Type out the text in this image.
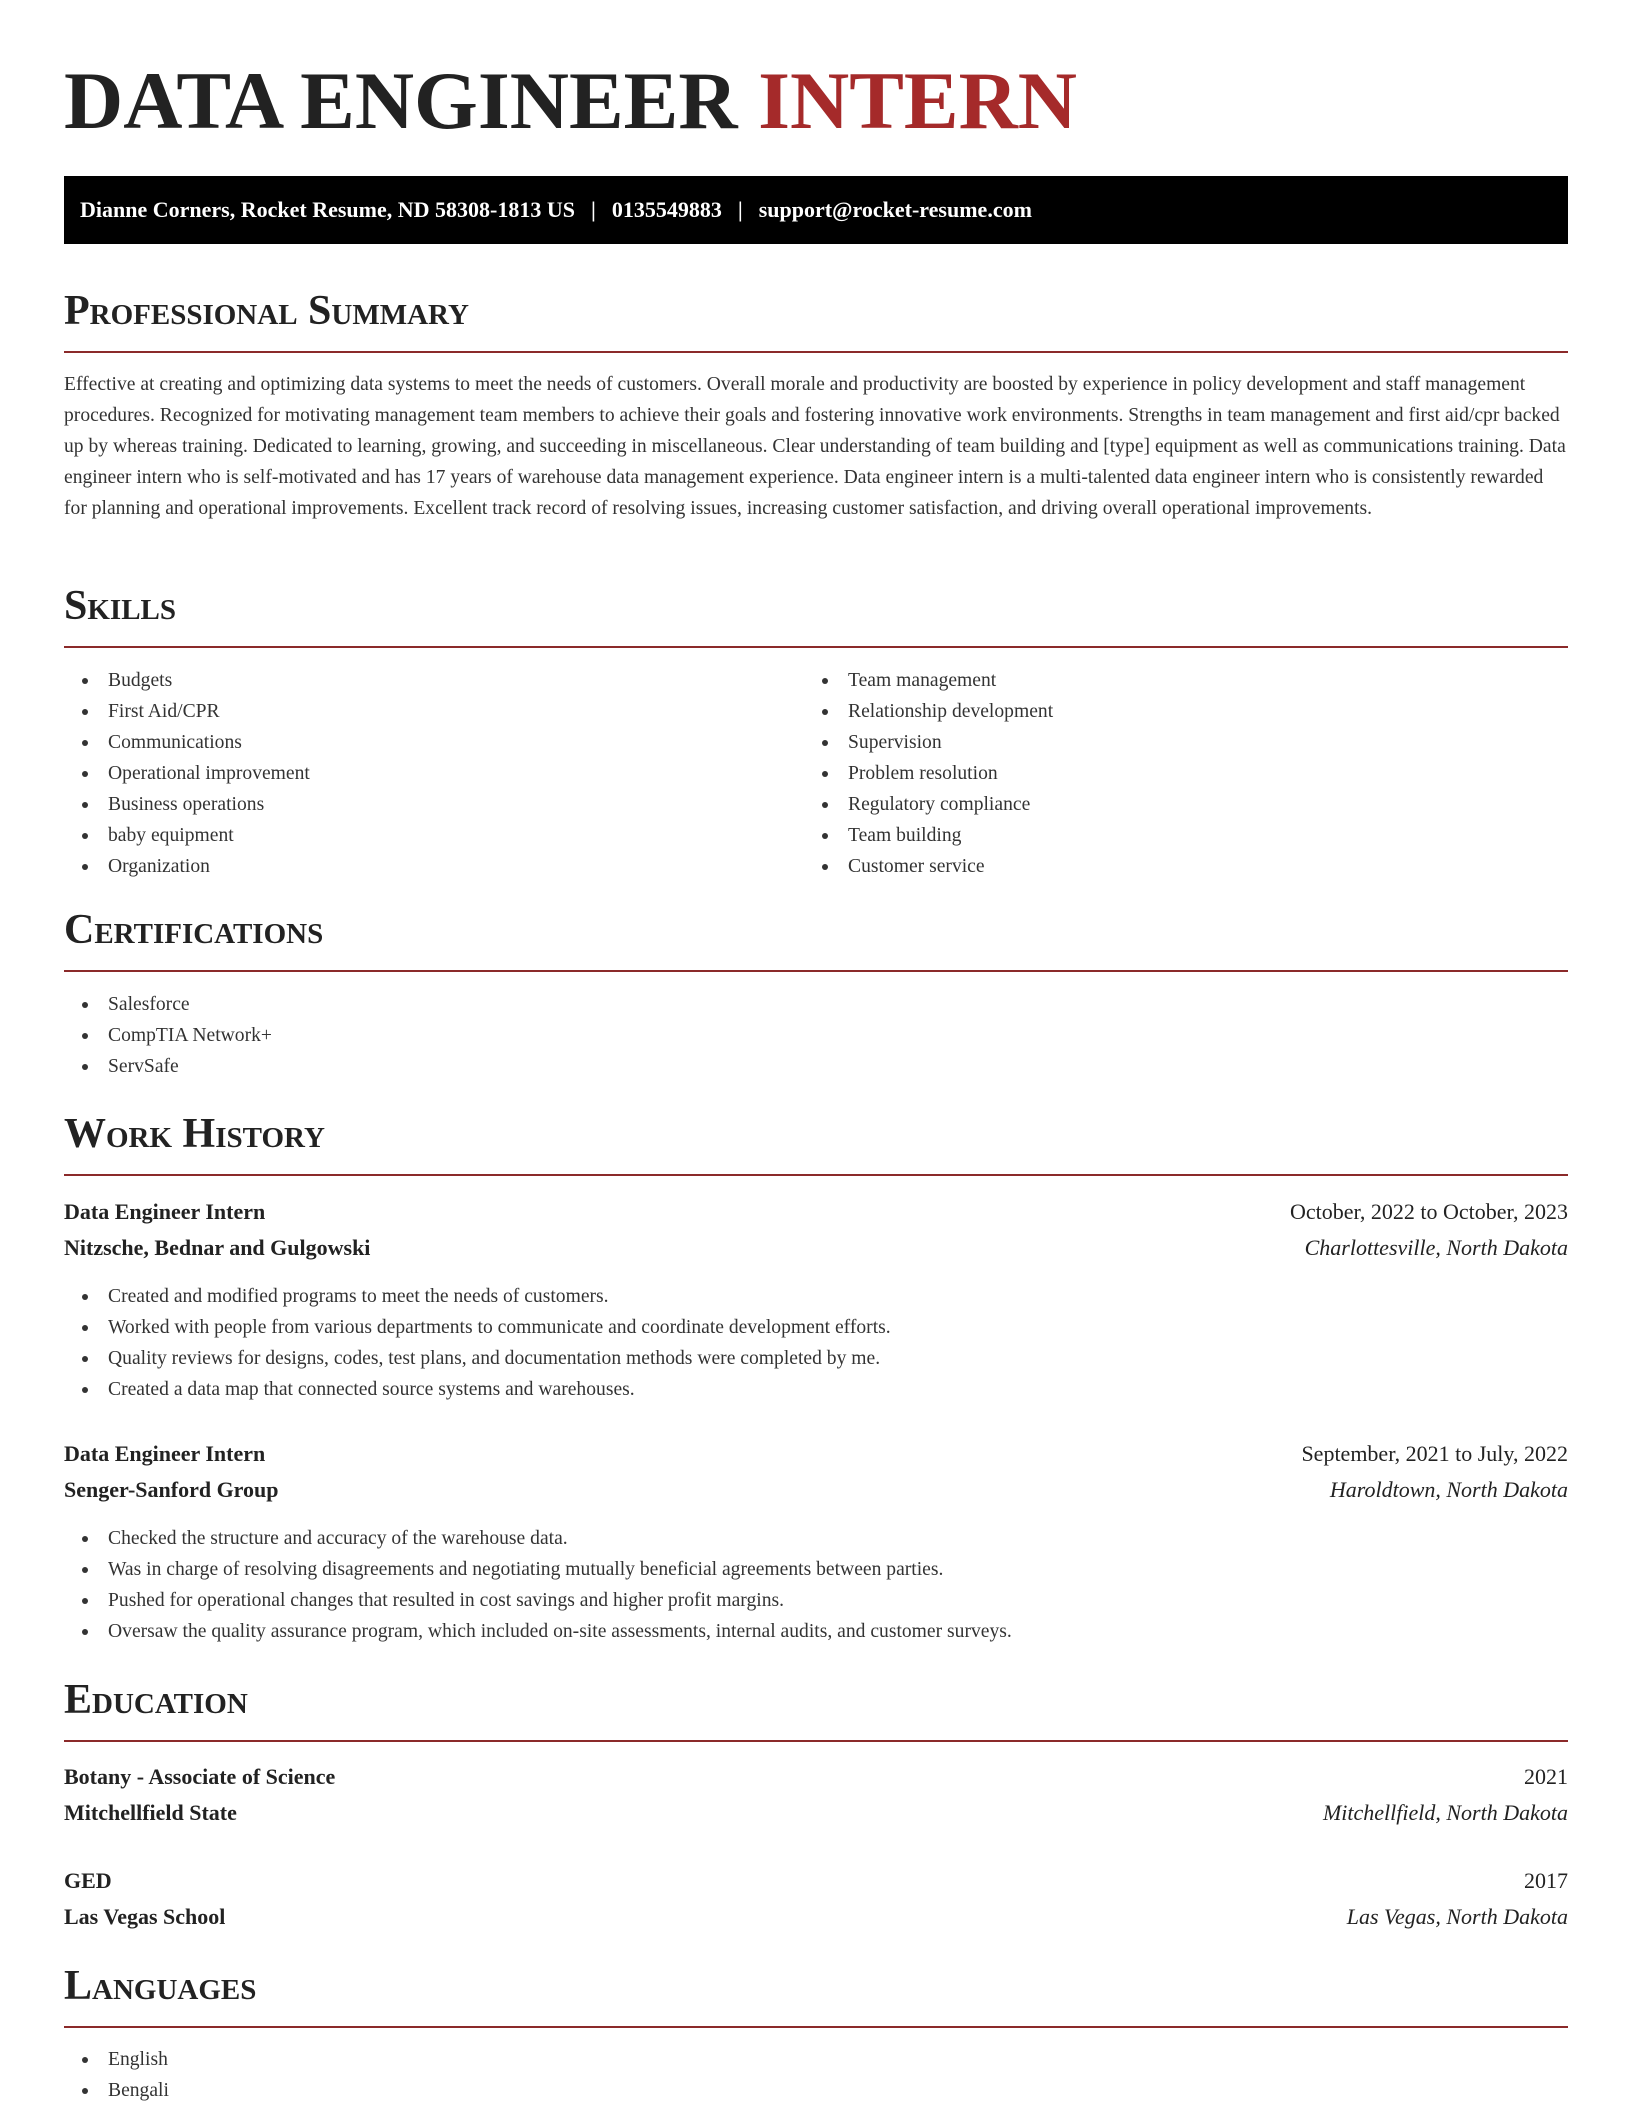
DATA ENGINEER INTERN
Dianne Corners, Rocket Resume, ND 58308-1813 US | 0135549883 | support@rocket-resume.com
Professional Summary

Effective at creating and optimizing data systems to meet the needs of customers. Overall morale and productivity are boosted by experience in policy development and staff management procedures. Recognized for motivating management team members to achieve their goals and fostering innovative work environments. Strengths in team management and first aid/cpr backed up by whereas training. Dedicated to learning, growing, and succeeding in miscellaneous. Clear understanding of team building and [type] equipment as well as communications training. Data engineer intern who is self-motivated and has 17 years of warehouse data management experience. Data engineer intern is a multi-talented data engineer intern who is consistently rewarded for planning and operational improvements. Excellent track record of resolving issues, increasing customer satisfaction, and driving overall operational improvements.

Skills
Budgets
First Aid/CPR
Communications
Operational improvement
Business operations
baby equipment
Organization
Team management
Relationship development
Supervision
Problem resolution
Regulatory compliance
Team building
Customer service
Certifications
Salesforce
CompTIA Network+
ServSafe
Work History
Data Engineer Intern	October, 2022 to October, 2023
Nitzsche, Bednar and Gulgowski	Charlottesville, North Dakota
Created and modified programs to meet the needs of customers.
Worked with people from various departments to communicate and coordinate development efforts.
Quality reviews for designs, codes, test plans, and documentation methods were completed by me.
Created a data map that connected source systems and warehouses.
Data Engineer Intern	September, 2021 to July, 2022
Senger-Sanford Group	Haroldtown, North Dakota
Checked the structure and accuracy of the warehouse data.
Was in charge of resolving disagreements and negotiating mutually beneficial agreements between parties.
Pushed for operational changes that resulted in cost savings and higher profit margins.
Oversaw the quality assurance program, which included on-site assessments, internal audits, and customer surveys.
Education
Botany - Associate of Science	2021
Mitchellfield State	Mitchellfield, North Dakota
GED	2017
Las Vegas School	Las Vegas, North Dakota
Languages
English
Bengali
